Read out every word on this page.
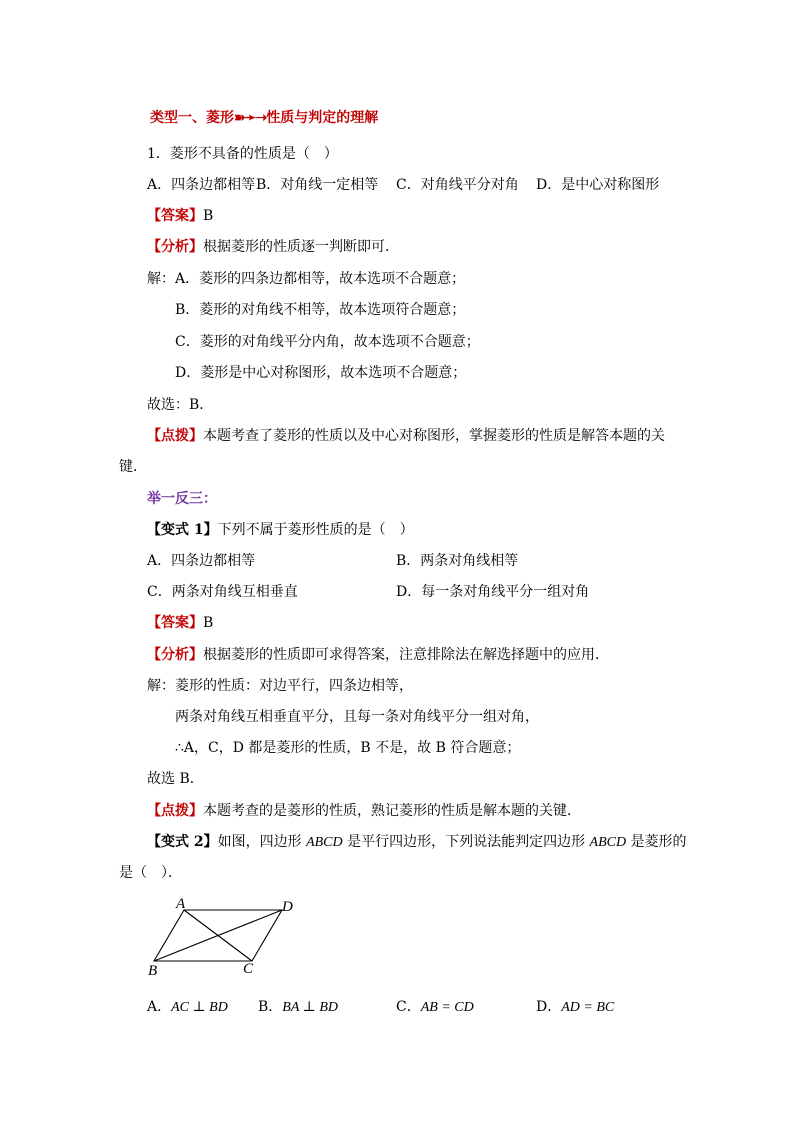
类型一、菱形➽➛➝性质与判定的理解
1．菱形不具备的性质是（　）
A．四条边都相等 B．对角线一定相等 C．对角线平分对角 D．是中心对称图形
【答案】B
【分析】根据菱形的性质逐一判断即可．
解：A．菱形的四条边都相等，故本选项不合题意；
B．菱形的对角线不相等，故本选项符合题意；
C．菱形的对角线平分内角，故本选项不合题意；
D．菱形是中心对称图形，故本选项不合题意；
故选：B．
【点拨】本题考查了菱形的性质以及中心对称图形，掌握菱形的性质是解答本题的关
键．
举一反三：
【变式 1】下列不属于菱形性质的是（　）
A．四条边都相等	B．两条对角线相等
C．两条对角线互相垂直	D．每一条对角线平分一组对角
【答案】B
【分析】根据菱形的性质即可求得答案，注意排除法在解选择题中的应用．
解：菱形的性质：对边平行，四条边相等，
两条对角线互相垂直平分，且每一条对角线平分一组对角，
∴A，C，D 都是菱形的性质，B 不是，故 B 符合题意；
故选 B．
【点拨】本题考查的是菱形的性质，熟记菱形的性质是解本题的关键．
【变式 2】如图，四边形 ABCD 是平行四边形，下列说法能判定四边形 ABCD 是菱形的
是（　）．
A	D
B	C
A．AC ⊥ BD B．BA ⊥ BD	C．AB = CD	D．AD = BC
